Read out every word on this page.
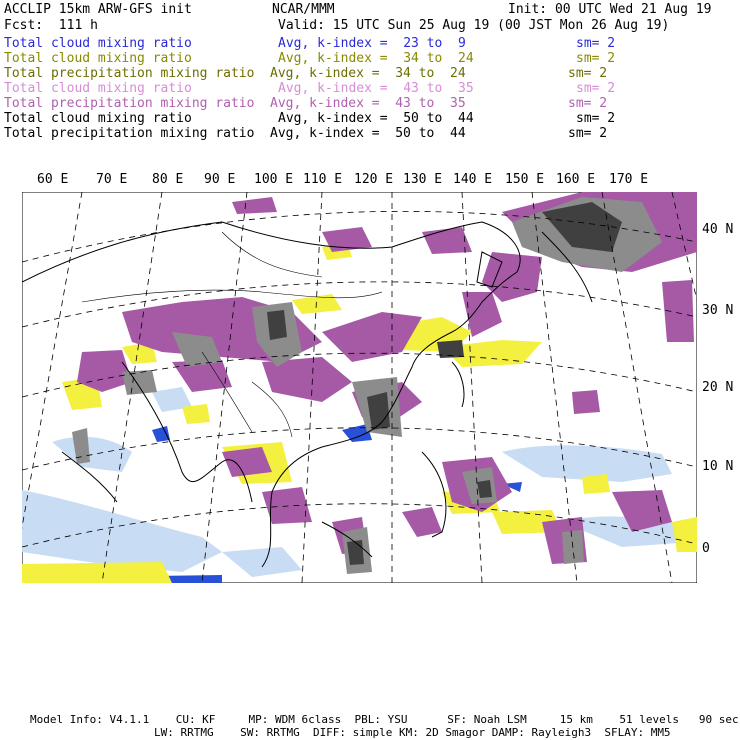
ACCLIP 15km ARW-GFS init	NCAR/MMM	Init: 00 UTC Wed 21 Aug 19
Fcst:  111 h	Valid: 15 UTC Sun 25 Aug 19 (00 JST Mon 26 Aug 19)
Total cloud mixing ratio	Avg, k-index =  23 to  9	sm= 2
Total cloud mixing ratio	Avg, k-index =  34 to  24	sm= 2
Total precipitation mixing ratio Avg, k-index =  34 to  24	sm= 2
Total cloud mixing ratio	Avg, k-index =  43 to  35	sm= 2
Total precipitation mixing ratio Avg, k-index =  43 to  35	sm= 2
Total cloud mixing ratio	Avg, k-index =  50 to  44	sm= 2
Total precipitation mixing ratio Avg, k-index =  50 to  44	sm= 2
60 E 70 E 80 E 90 E 100 E 110 E 120 E 130 E 140 E 150 E 160 E 170 E
40 N
30 N
20 N
10 N
0
Model Info: V4.1.1    CU: KF     MP: WDM 6class  PBL: YSU      SF: Noah LSM     15 km    51 levels   90 sec
LW: RRTMG    SW: RRTMG  DIFF: simple KM: 2D Smagor DAMP: Rayleigh3  SFLAY: MM5
